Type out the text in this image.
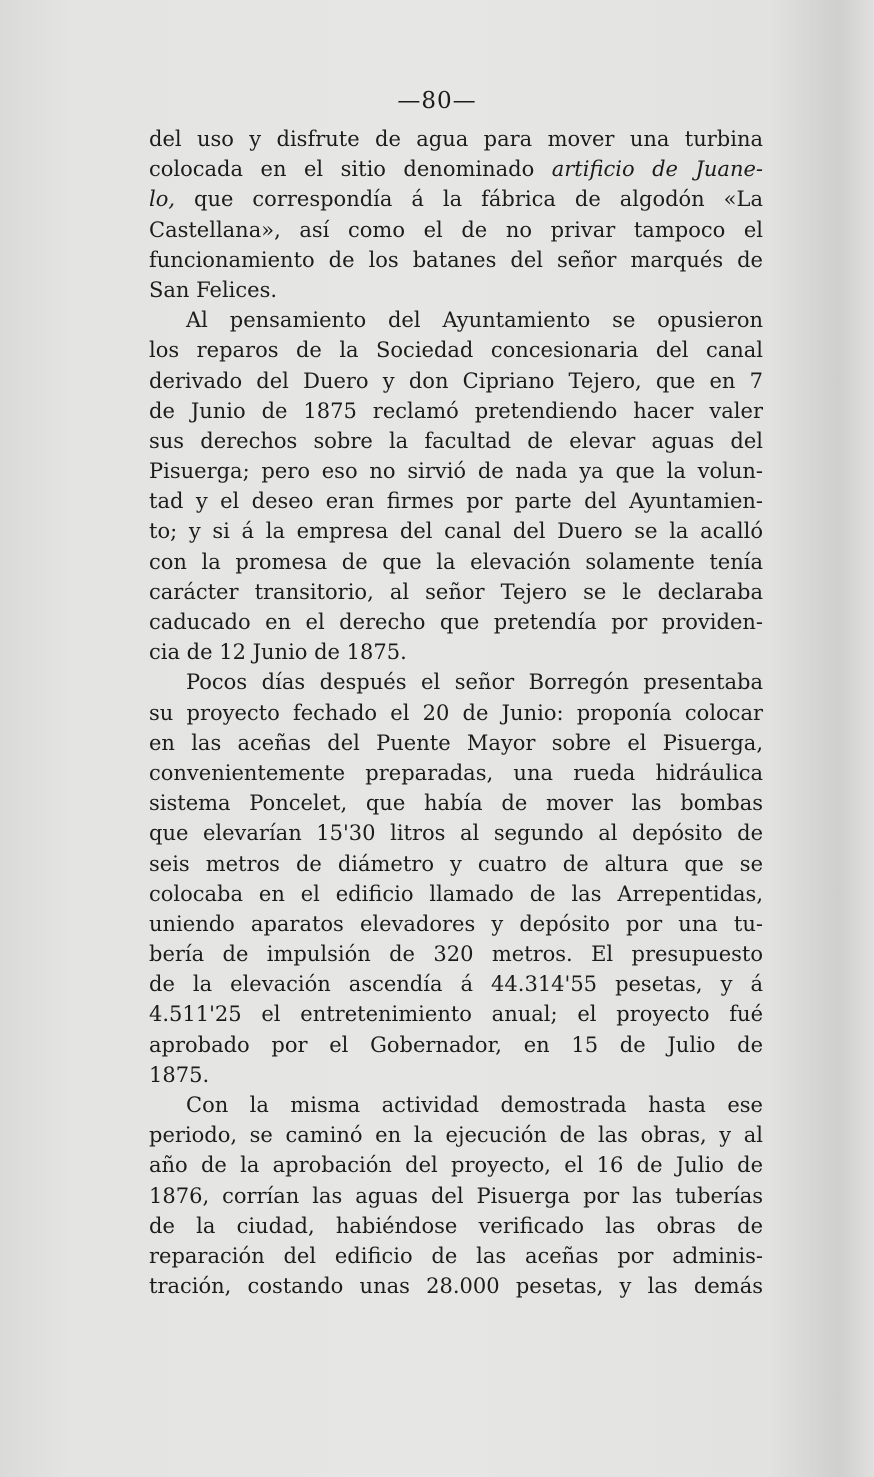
—80—
del uso y disfrute de agua para mover una turbina
colocada en el sitio denominado artificio de Juane-
lo, que correspondía á la fábrica de algodón «La
Castellana», así como el de no privar tampoco el
funcionamiento de los batanes del señor marqués de
San Felices.
Al pensamiento del Ayuntamiento se opusieron
los reparos de la Sociedad concesionaria del canal
derivado del Duero y don Cipriano Tejero, que en 7
de Junio de 1875 reclamó pretendiendo hacer valer
sus derechos sobre la facultad de elevar aguas del
Pisuerga; pero eso no sirvió de nada ya que la volun-
tad y el deseo eran firmes por parte del Ayuntamien-
to; y si á la empresa del canal del Duero se la acalló
con la promesa de que la elevación solamente tenía
carácter transitorio, al señor Tejero se le declaraba
caducado en el derecho que pretendía por providen-
cia de 12 Junio de 1875.
Pocos días después el señor Borregón presentaba
su proyecto fechado el 20 de Junio: proponía colocar
en las aceñas del Puente Mayor sobre el Pisuerga,
convenientemente preparadas, una rueda hidráulica
sistema Poncelet, que había de mover las bombas
que elevarían 15'30 litros al segundo al depósito de
seis metros de diámetro y cuatro de altura que se
colocaba en el edificio llamado de las Arrepentidas,
uniendo aparatos elevadores y depósito por una tu-
bería de impulsión de 320 metros. El presupuesto
de la elevación ascendía á 44.314'55 pesetas, y á
4.511'25 el entretenimiento anual; el proyecto fué
aprobado por el Gobernador, en 15 de Julio de
1875.
Con la misma actividad demostrada hasta ese
periodo, se caminó en la ejecución de las obras, y al
año de la aprobación del proyecto, el 16 de Julio de
1876, corrían las aguas del Pisuerga por las tuberías
de la ciudad, habiéndose verificado las obras de
reparación del edificio de las aceñas por adminis-
tración, costando unas 28.000 pesetas, y las demás
